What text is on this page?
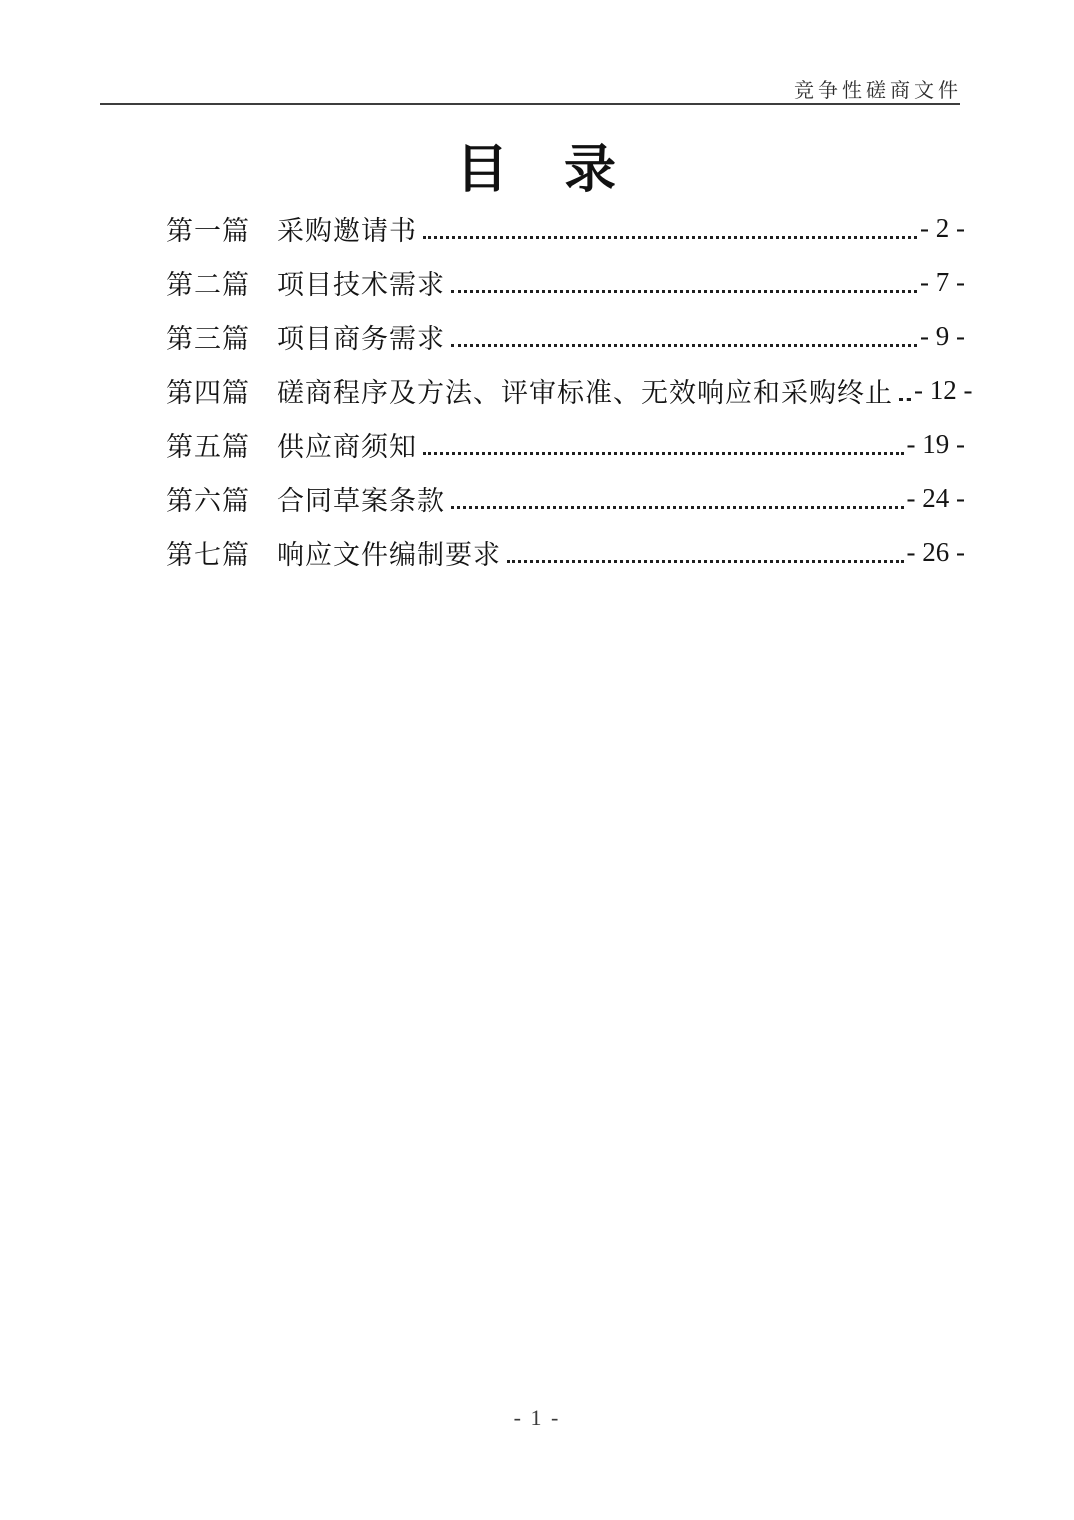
竞争性磋商文件
目　录
第一篇 采购邀请书	- 2 -
第二篇 项目技术需求	- 7 -
第三篇 项目商务需求	- 9 -
第四篇 磋商程序及方法、评审标准、无效响应和采购终止 - 12 -
第五篇 供应商须知	- 19 -
第六篇 合同草案条款	- 24 -
第七篇 响应文件编制要求	- 26 -
- 1 -
